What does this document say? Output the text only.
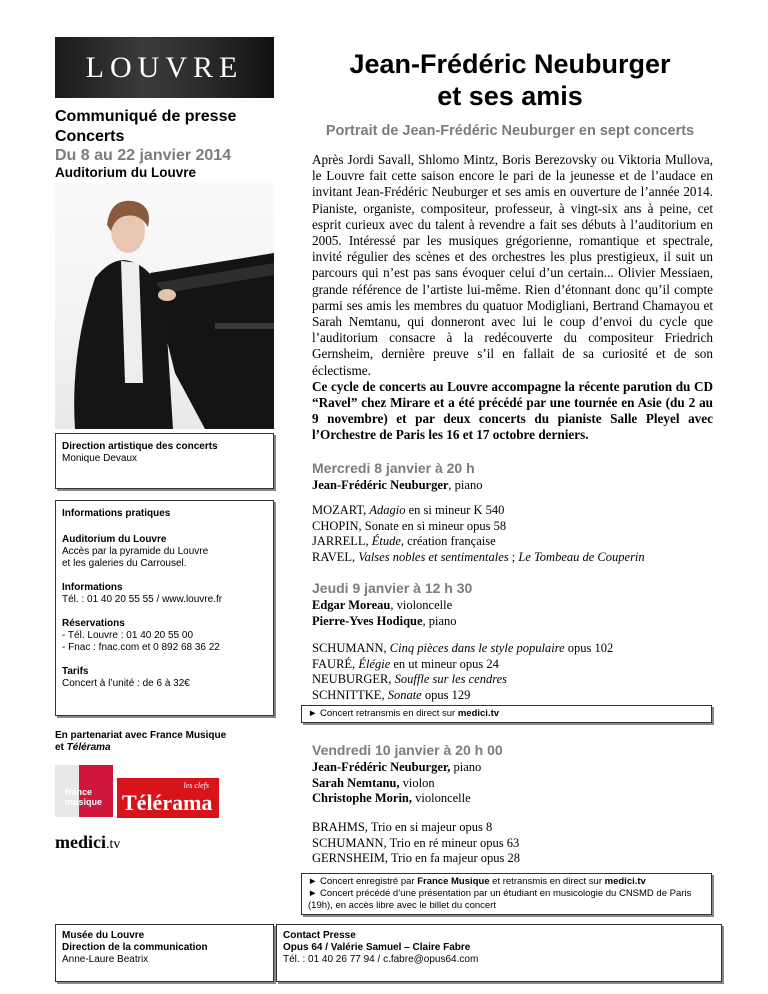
LOUVRE
Communiqué de presse
Concerts
Du 8 au 22 janvier 2014
Auditorium du Louvre
Direction artistique des concerts
Monique Devaux
Informations pratiques
Auditorium du Louvre
Accès par la pyramide du Louvre
et les galeries du Carrousel.
Informations
Tél. : 01 40 20 55 55 / www.louvre.fr
Réservations
- Tél. Louvre : 01 40 20 55 00
- Fnac : fnac.com et 0 892 68 36 22
Tarifs
Concert à l’unité : de 6 à 32€
En partenariat avec France Musique
et Télérama
france
musique
les clefs
Télérama
medici.tv
Jean-Frédéric Neuburger
et ses amis
Portrait de Jean-Frédéric Neuburger en sept concerts
Après Jordi Savall, Shlomo Mintz, Boris Berezovsky ou Viktoria Mullova, le Louvre fait cette saison encore le pari de la jeunesse et de l’audace en invitant Jean-Frédéric Neuburger et ses amis en ouverture de l’année 2014. Pianiste, organiste, compositeur, professeur, à vingt-six ans à peine, cet esprit curieux avec du talent à revendre a fait ses débuts à l’auditorium en 2005. Intéressé par les musiques grégorienne, romantique et spectrale, invité régulier des scènes et des orchestres les plus prestigieux, il suit un parcours qui n’est pas sans évoquer celui d’un certain... Olivier Messiaen, grande référence de l’artiste lui-même. Rien d’étonnant donc qu’il compte parmi ses amis les membres du quatuor Modigliani, Bertrand Chamayou et Sarah Nemtanu, qui donneront avec lui le coup d’envoi du cycle que l’auditorium consacre à la redécouverte du compositeur Friedrich Gernsheim, dernière preuve s’il en fallait de sa curiosité et de son éclectisme.
Ce cycle de concerts au Louvre accompagne la récente parution du CD “Ravel” chez Mirare et a été précédé par une tournée en Asie (du 2 au 9 novembre) et par deux concerts du pianiste Salle Pleyel avec l’Orchestre de Paris les 16 et 17 octobre derniers.
Mercredi 8 janvier à 20 h
Jean-Frédéric Neuburger, piano
MOZART, Adagio en si mineur K 540
CHOPIN, Sonate en si mineur opus 58
JARRELL, Étude, création française
RAVEL, Valses nobles et sentimentales ; Le Tombeau de Couperin
Jeudi 9 janvier à 12 h 30
Edgar Moreau, violoncelle
Pierre-Yves Hodique, piano
SCHUMANN, Cinq pièces dans le style populaire opus 102
FAURÉ, Élégie en ut mineur opus 24
NEUBURGER, Souffle sur les cendres
SCHNITTKE, Sonate opus 129
► Concert retransmis en direct sur medici.tv
Vendredi 10 janvier à 20 h 00
Jean-Frédéric Neuburger, piano
Sarah Nemtanu, violon
Christophe Morin, violoncelle
BRAHMS, Trio en si majeur opus 8
SCHUMANN, Trio en ré mineur opus 63
GERNSHEIM, Trio en fa majeur opus 28
► Concert enregistré par France Musique et retransmis en direct sur medici.tv
► Concert précédé d’une présentation par un étudiant en musicologie du CNSMD de Paris (19h), en accès libre avec le billet du concert
Musée du Louvre
Direction de la communication
Anne-Laure Beatrix
Contact Presse
Opus 64 / Valérie Samuel – Claire Fabre
Tél. : 01 40 26 77 94 / c.fabre@opus64.com
